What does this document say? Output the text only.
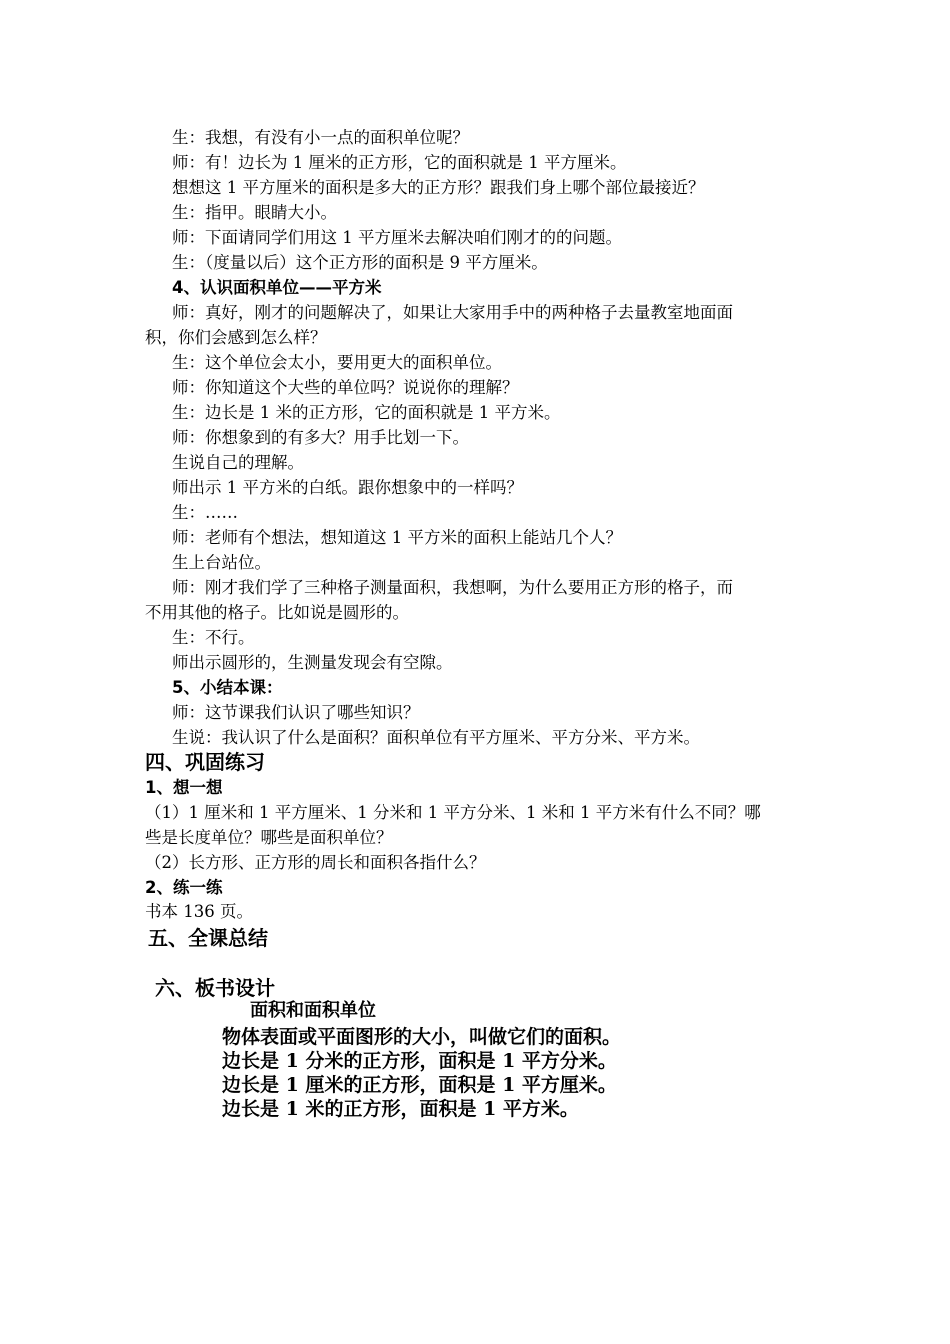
生：我想，有没有小一点的面积单位呢？
师：有！边长为 1 厘米的正方形，它的面积就是 1 平方厘米。
想想这 1 平方厘米的面积是多大的正方形？跟我们身上哪个部位最接近？
生：指甲。眼睛大小。
师：下面请同学们用这 1 平方厘米去解决咱们刚才的的问题。
生：（度量以后）这个正方形的面积是 9 平方厘米。
4、认识面积单位——平方米
师：真好，刚才的问题解决了，如果让大家用手中的两种格子去量教室地面面
积，你们会感到怎么样？
生：这个单位会太小，要用更大的面积单位。
师：你知道这个大些的单位吗？说说你的理解？
生：边长是 1 米的正方形，它的面积就是 1 平方米。
师：你想象到的有多大？用手比划一下。
生说自己的理解。
师出示 1 平方米的白纸。跟你想象中的一样吗？
生：……
师：老师有个想法，想知道这 1 平方米的面积上能站几个人？
生上台站位。
师：刚才我们学了三种格子测量面积，我想啊，为什么要用正方形的格子，而
不用其他的格子。比如说是圆形的。
生：不行。
师出示圆形的，生测量发现会有空隙。
5、小结本课：
师：这节课我们认识了哪些知识？
生说：我认识了什么是面积？面积单位有平方厘米、平方分米、平方米。
四、巩固练习
1、想一想
（1）1 厘米和 1 平方厘米、1 分米和 1 平方分米、1 米和 1 平方米有什么不同？哪
些是长度单位？哪些是面积单位？
（2）长方形、正方形的周长和面积各指什么？
2、练一练
书本 136 页。
五、全课总结
六、板书设计
面积和面积单位
物体表面或平面图形的大小，叫做它们的面积。
边长是 1 分米的正方形，面积是 1 平方分米。
边长是 1 厘米的正方形，面积是 1 平方厘米。
边长是 1 米的正方形，面积是 1 平方米。
